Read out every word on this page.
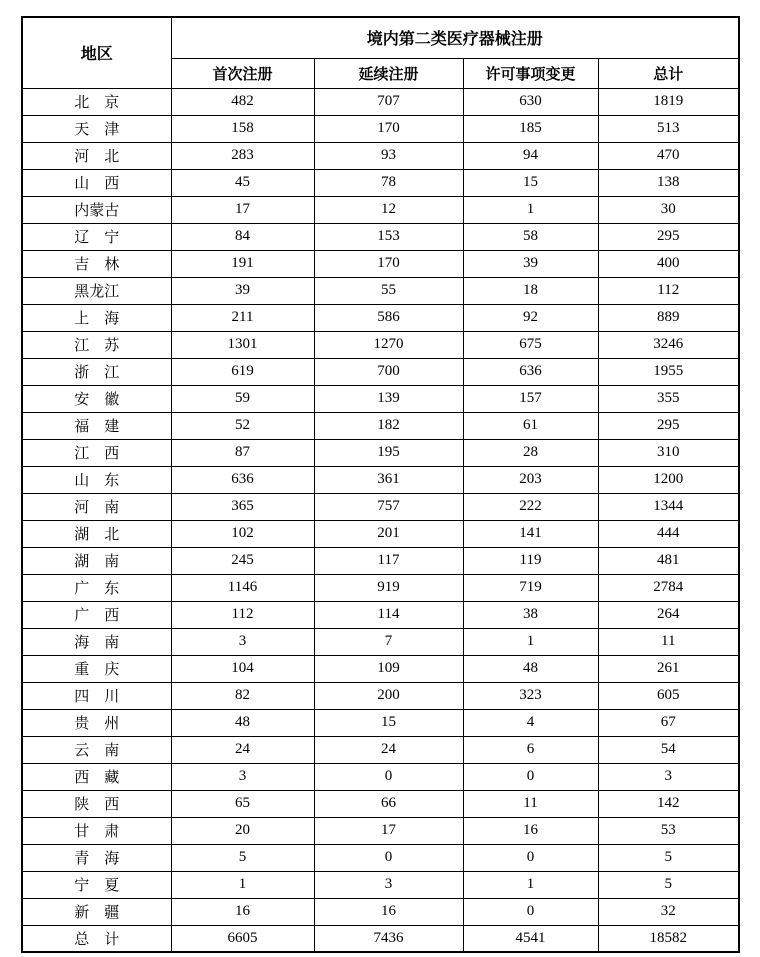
地区	境内第二类医疗器械注册			
	首次注册	延续注册	许可事项变更	总计
北　京	482	707	630	1819
天　津	158	170	185	513
河　北	283	93	94	470
山　西	45	78	15	138
内蒙古	17	12	1	30
辽　宁	84	153	58	295
吉　林	191	170	39	400
黑龙江	39	55	18	112
上　海	211	586	92	889
江　苏	1301	1270	675	3246
浙　江	619	700	636	1955
安　徽	59	139	157	355
福　建	52	182	61	295
江　西	87	195	28	310
山　东	636	361	203	1200
河　南	365	757	222	1344
湖　北	102	201	141	444
湖　南	245	117	119	481
广　东	1146	919	719	2784
广　西	112	114	38	264
海　南	3	7	1	11
重　庆	104	109	48	261
四　川	82	200	323	605
贵　州	48	15	4	67
云　南	24	24	6	54
西　藏	3	0	0	3
陕　西	65	66	11	142
甘　肃	20	17	16	53
青　海	5	0	0	5
宁　夏	1	3	1	5
新　疆	16	16	0	32
总　计	6605	7436	4541	18582
